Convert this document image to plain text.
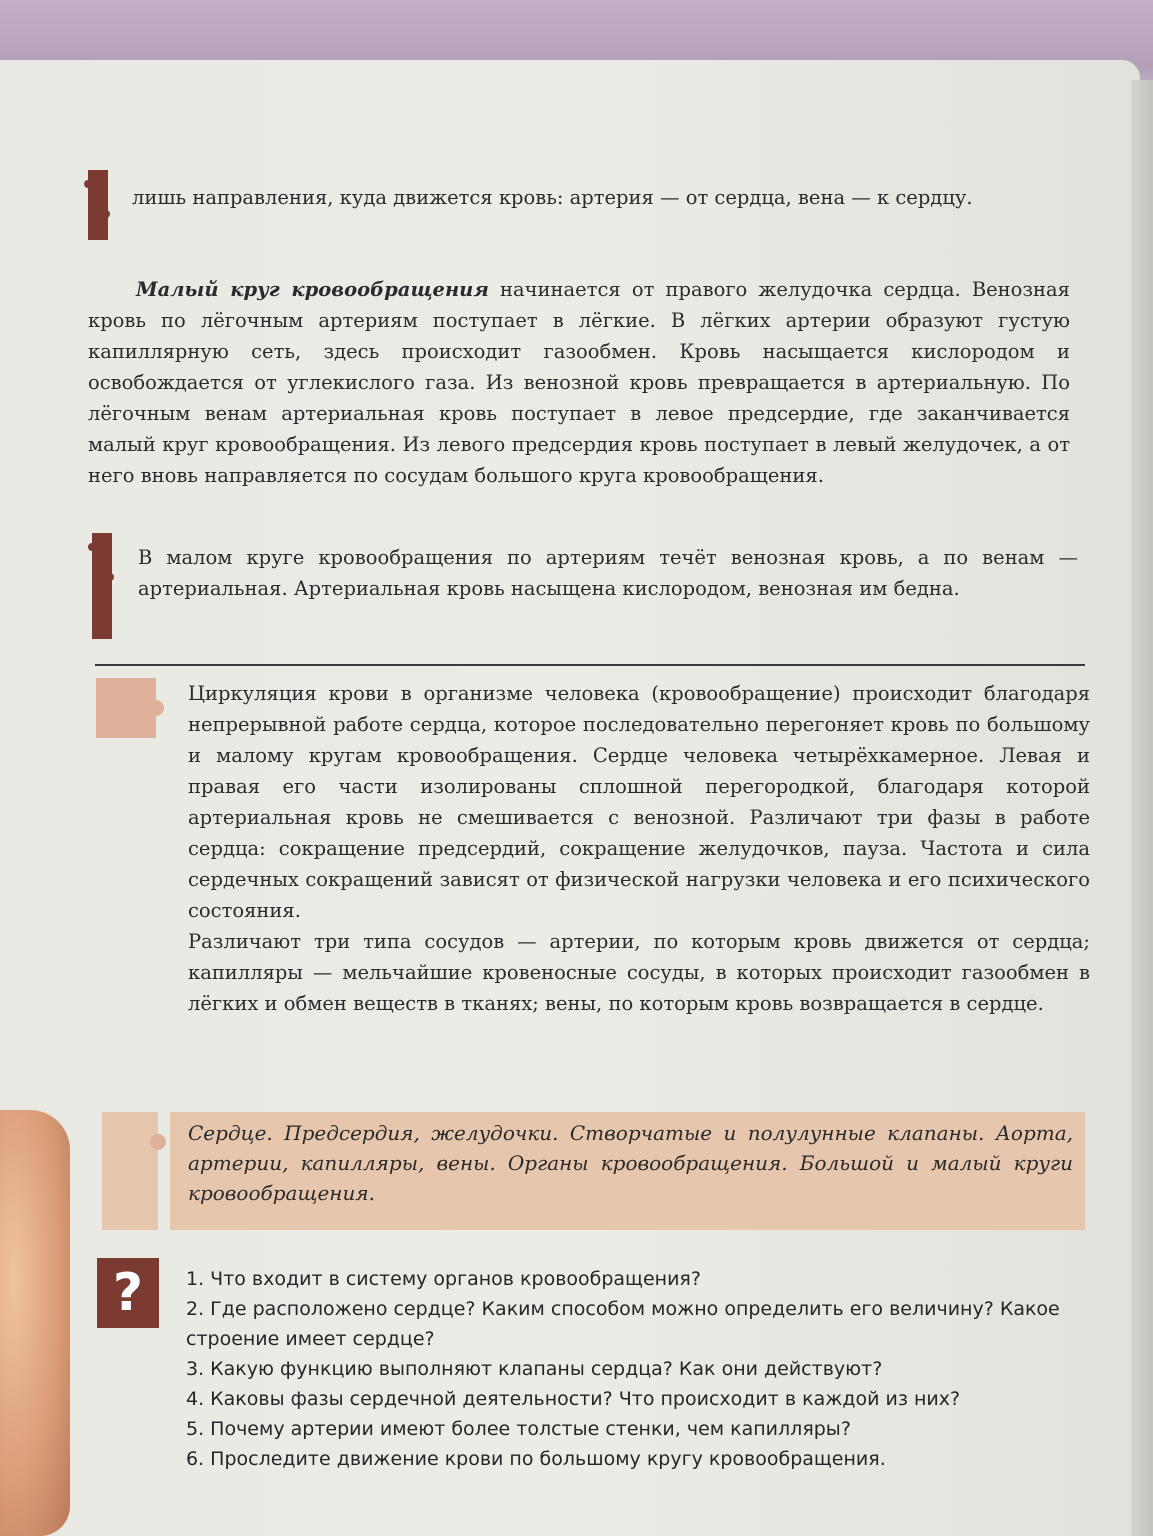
лишь направления, куда движется кровь: артерия — от сердца, вена — к сердцу.

Малый круг кровообращения начинается от правого желудочка сердца. Венозная кровь по лёгочным артериям поступает в лёгкие. В лёгких артерии образуют густую капиллярную сеть, здесь происходит газообмен. Кровь насыщается кислородом и освобождается от углекислого газа. Из венозной кровь превращается в артериальную. По лёгочным венам артериальная кровь поступает в левое предсердие, где заканчивается малый круг кровообращения. Из левого предсердия кровь поступает в левый желудочек, а от него вновь направляется по сосудам большого круга кровообращения.

В малом круге кровообращения по артериям течёт венозная кровь, а по венам — артериальная. Артериальная кровь насыщена кислородом, венозная им бедна.

Циркуляция крови в организме человека (кровообращение) происходит благодаря непрерывной работе сердца, которое последовательно перегоняет кровь по большому и малому кругам кровообращения. Сердце человека четырёхкамерное. Левая и правая его части изолированы сплошной перегородкой, благодаря которой артериальная кровь не смешивается с венозной. Различают три фазы в работе сердца: сокращение предсердий, сокращение желудочков, пауза. Частота и сила сердечных сокращений зависят от физической нагрузки человека и его психического состояния.

Различают три типа сосудов — артерии, по которым кровь движется от сердца; капилляры — мельчайшие кровеносные сосуды, в которых происходит газообмен в лёгких и обмен веществ в тканях; вены, по которым кровь возвращается в сердце.

Сердце. Предсердия, желудочки. Створчатые и полулунные клапаны. Аорта, артерии, капилляры, вены. Органы кровообращения. Большой и малый круги кровообращения.
?	1. Что входит в систему органов кровообращения?

2. Где расположено сердце? Каким способом можно определить его величину? Какое строение имеет сердце?

3. Какую функцию выполняют клапаны сердца? Как они действуют?

4. Каковы фазы сердечной деятельности? Что происходит в каждой из них?

5. Почему артерии имеют более толстые стенки, чем капилляры?

6. Проследите движение крови по большому кругу кровообращения.
